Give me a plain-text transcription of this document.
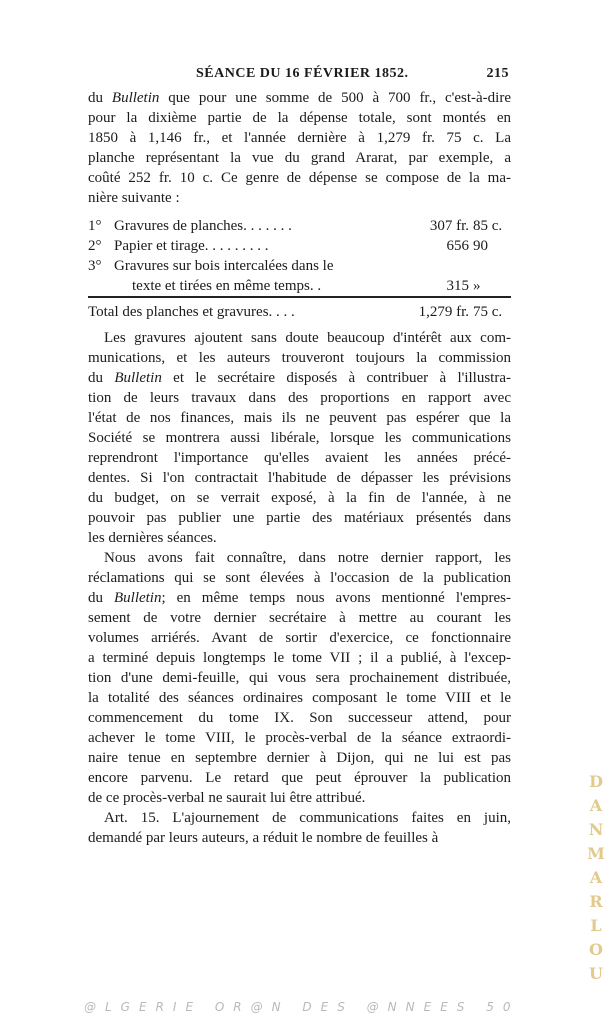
SÉANCE DU 16 FÉVRIER 1852.	215

du Bulletin que pour une somme de 500 à 700 fr., c'est-à-dire
pour la dixième partie de la dépense totale, sont montés en
1850 à 1,146 fr., et l'année dernière à 1,279 fr. 75 c. La
planche représentant la vue du grand Ararat, par exemple, a
coûté 252 fr. 10 c. Ce genre de dépense se compose de la ma-
nière suivante :

1°	Gravures de planches. . . . . . .	307 fr.	85 c.
2°	Papier et tirage. . . . . . . . .	656	90
3°	Gravures sur bois intercalées dans le		
	texte et tirées en même temps. .	315	»
Total des planches et gravures. . . .		1,279 fr.	75 c.

Les gravures ajoutent sans doute beaucoup d'intérêt aux com-
munications, et les auteurs trouveront toujours la commission
du Bulletin et le secrétaire disposés à contribuer à l'illustra-
tion de leurs travaux dans des proportions en rapport avec
l'état de nos finances, mais ils ne peuvent pas espérer que la
Société se montrera aussi libérale, lorsque les communications
reprendront l'importance qu'elles avaient les années précé-
dentes. Si l'on contractait l'habitude de dépasser les prévisions
du budget, on se verrait exposé, à la fin de l'année, à ne
pouvoir pas publier une partie des matériaux présentés dans
les dernières séances.

Nous avons fait connaître, dans notre dernier rapport, les
réclamations qui se sont élevées à l'occasion de la publication
du Bulletin; en même temps nous avons mentionné l'empres-
sement de votre dernier secrétaire à mettre au courant les
volumes arriérés. Avant de sortir d'exercice, ce fonctionnaire
a terminé depuis longtemps le tome VII ; il a publié, à l'excep-
tion d'une demi-feuille, qui vous sera prochainement distribuée,
la totalité des séances ordinaires composant le tome VIII et le
commencement du tome IX. Son successeur attend, pour
achever le tome VIII, le procès-verbal de la séance extraordi-
naire tenue en septembre dernier à Dijon, qui ne lui est pas
encore parvenu. Le retard que peut éprouver la publication
de ce procès-verbal ne saurait lui être attribué.

Art. 15. L'ajournement de communications faites en juin,
demandé par leurs auteurs, a réduit le nombre de feuilles à

D
A
N
M
A
R
L
O
U
@LGERIE OR@N DES @NNEES 50
